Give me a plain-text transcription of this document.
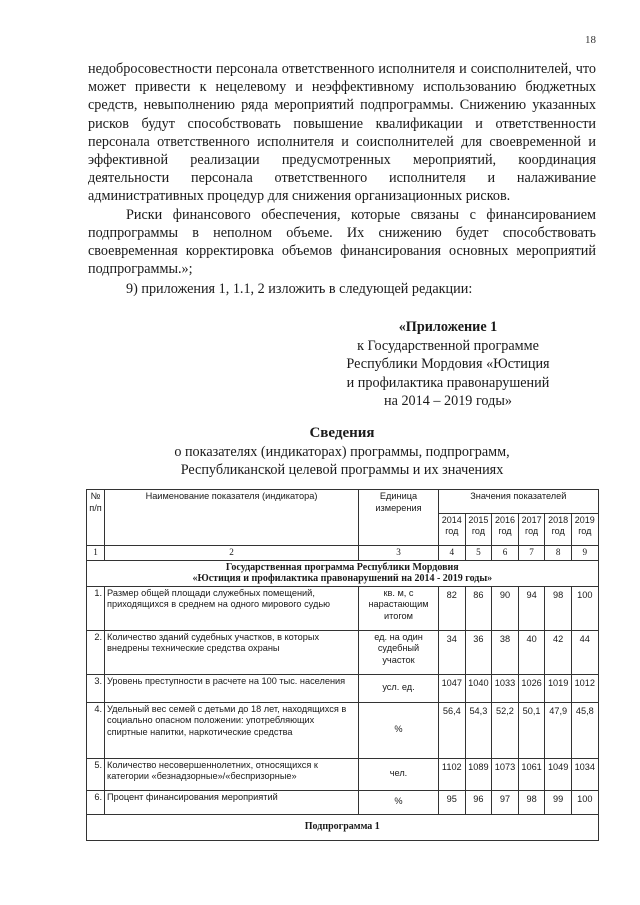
18

недобросовестности персонала ответственного исполнителя и соисполнителей, что может привести к нецелевому и неэффективному использованию бюджетных средств, невыполнению ряда мероприятий подпрограммы. Снижению указанных рисков будут способствовать повышение квалификации и ответственности персонала ответственного исполнителя и соисполнителей для своевременной и эффективной реализации предусмотренных мероприятий, координация деятельности персонала ответственного исполнителя и налаживание административных процедур для снижения организационных рисков.

Риски финансового обеспечения, которые связаны с финансированием подпрограммы в неполном объеме. Их снижению будет способствовать своевременная корректировка объемов финансирования основных мероприятий подпрограммы.»;

9) приложения 1, 1.1, 2 изложить в следующей редакции:

«Приложение 1
к Государственной программе
Республики Мордовия «Юстиция
и профилактика правонарушений
на 2014 – 2019 годы»
Сведения
о показателях (индикаторах) программы, подпрограмм,
Республиканской целевой программы и их значениях
№ п/п	Наименование показателя (индикатора)	Единица измерения	Значения показателей					
			2014 год	2015 год	2016 год	2017 год	2018 год	2019 год
1	2	3	4	5	6	7	8	9

Государственная программа Республики Мордовия
«Юстиция и профилактика правонарушений на 2014 - 2019 годы»								

1.	Размер общей площади служебных помещений, приходящихся в среднем на одного мирового судью	кв. м, с нарастающим итогом	82	86	90	94	98	100
2.	Количество зданий судебных участков, в которых внедрены технические средства охраны	ед. на один судебный участок	34	36	38	40	42	44
3.	Уровень преступности в расчете на 100 тыс. населения	усл. ед.	1047	1040	1033	1026	1019	1012
4.	Удельный вес семей с детьми до 18 лет, находящихся в социально опасном положении: употребляющих спиртные напитки, наркотические средства	%	56,4	54,3	52,2	50,1	47,9	45,8
5.	Количество несовершеннолетних, относящихся к категории «безнадзорные»/«беспризорные»	чел.	1102	1089	1073	1061	1049	1034
6.	Процент финансирования мероприятий	%	95	96	97	98	99	100
Подпрограмма 1								
